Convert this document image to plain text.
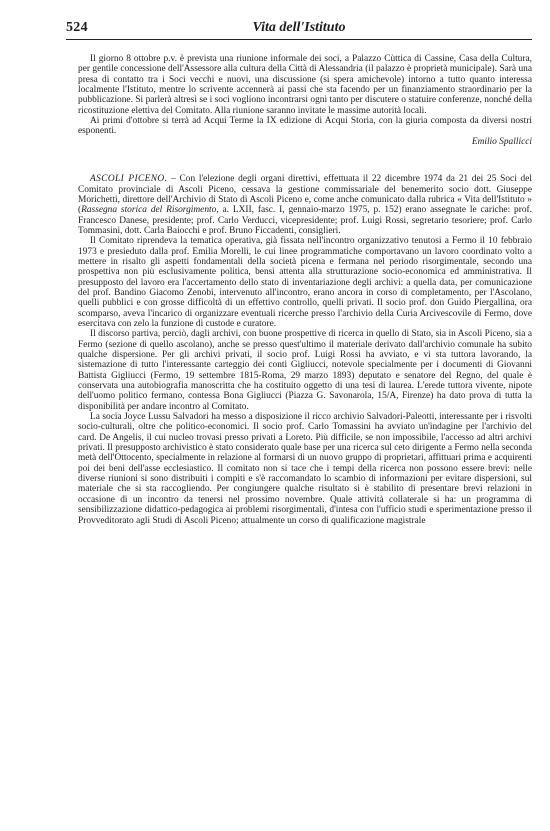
524	Vita dell'Istituto

Il giorno 8 ottobre p.v. è prevista una riunione informale dei soci, a Palazzo Cùttica di Cassine, Casa della Cultura, per gentile concessione dell'Assessore alla cultura della Città di Alessandria (il palazzo è proprietà municipale). Sarà una presa di contatto tra i Soci vecchi e nuovi, una discussione (si spera amichevole) intorno a tutto quanto interessa localmente l'Istituto, mentre lo scrivente accennerà ai passi che sta facendo per un finanziamento straordinario per la pubblicazione. Si parlerà altresì se i soci vogliono incontrarsi ogni tanto per discutere o statuire conferenze, nonché della ricostituzione elettiva del Comitato. Alla riunione saranno invitate le massime autorità locali.

Ai primi d'ottobre si terrà ad Acqui Terme la IX edizione di Acqui Storia, con la giuria composta da diversi nostri esponenti.

Emilio Spallicci

ASCOLI PICENO. – Con l'elezione degli organi direttivi, effettuata il 22 dicembre 1974 da 21 dei 25 Soci del Comitato provinciale di Ascoli Piceno, cessava la gestione commissariale del benemerito socio dott. Giuseppe Morichetti, direttore dell'Archivio di Stato di Ascoli Piceno e, come anche comunicato dalla rubrica « Vita dell'Istituto » (Rassegna storica del Risorgimento, a. LXII, fasc. I, gennaio-marzo 1975, p. 152) erano assegnate le cariche: prof. Francesco Danese, presidente; prof. Carlo Verducci, vicepresidente; prof. Luigi Rossi, segretario tesoriere; prof. Carlo Tommasini, dott. Carla Baiocchi e prof. Bruno Ficcadenti, consiglieri.

Il Comitato riprendeva la tematica operativa, già fissata nell'incontro organizzativo tenutosi a Fermo il 10 febbraio 1973 e presieduto dalla prof. Emilia Morelli, le cui linee programmatiche comportavano un lavoro coordinato volto a mettere in risalto gli aspetti fondamentali della società picena e fermana nel periodo risorgimentale, secondo una prospettiva non più esclusivamente politica, bensì attenta alla strutturazione socio-economica ed amministrativa. Il presupposto del lavoro era l'accertamento dello stato di inventariazione degli archivi: a quella data, per comunicazione del prof. Bandino Giacomo Zenobi, intervenuto all'incontro, erano ancora in corso di completamento, per l'Ascolano, quelli pubblici e con grosse difficoltà di un effettivo controllo, quelli privati. Il socio prof. don Guido Piergallina, ora scomparso, aveva l'incarico di organizzare eventuali ricerche presso l'archivio della Curia Arcivescovile di Fermo, dove esercitava con zelo la funzione di custode e curatore.

Il discorso partiva, perciò, dagli archivi, con buone prospettive di ricerca in quello di Stato, sia in Ascoli Piceno, sia a Fermo (sezione di quello ascolano), anche se presso quest'ultimo il materiale derivato dall'archivio comunale ha subito qualche dispersione. Per gli archivi privati, il socio prof. Luigi Rossi ha avviato, e vi sta tuttora lavorando, la sistemazione di tutto l'interessante carteggio dei conti Gigliucci, notevole specialmente per i documenti di Giovanni Battista Gigliucci (Fermo, 19 settembre 1815-Roma, 29 marzo 1893) deputato e senatore del Regno, del quale è conservata una autobiografia manoscritta che ha costituito oggetto di una tesi di laurea. L'erede tuttora vivente, nipote dell'uomo politico fermano, contessa Bona Gigliucci (Piazza G. Savonarola, 15/A, Firenze) ha dato prova di tutta la disponibilità per andare incontro al Comitato.

La socia Joyce Lussu Salvadori ha messo a disposizione il ricco archivio Salvadori-Paleotti, interessante per i risvolti socio-culturali, oltre che politico-economici. Il socio prof. Carlo Tomassini ha avviato un'indagine per l'archivio del card. De Angelis, il cui nucleo trovasi presso privati a Loreto. Più difficile, se non impossibile, l'accesso ad altri archivi privati. Il presupposto archivistico è stato considerato quale base per una ricerca sul ceto dirigente a Fermo nella seconda metà dell'Ottocento, specialmente in relazione al formarsi di un nuovo gruppo di proprietari, affittuari prima e acquirenti poi dei beni dell'asse ecclesiastico. Il comitato non si tace che i tempi della ricerca non possono essere brevi: nelle diverse riunioni si sono distribuiti i compiti e s'è raccomandato lo scambio di informazioni per evitare dispersioni, sul materiale che si sta raccogliendo. Per congiungere qualche risultato si è stabilito di presentare brevi relazioni in occasione di un incontro da tenersi nel prossimo novembre. Quale attività collaterale si ha: un programma di sensibilizzazione didattico-pedagogica ai problemi risorgimentali, d'intesa con l'ufficio studi e sperimentazione presso il Provveditorato agli Studi di Ascoli Piceno; attualmente un corso di qualificazione magistrale
